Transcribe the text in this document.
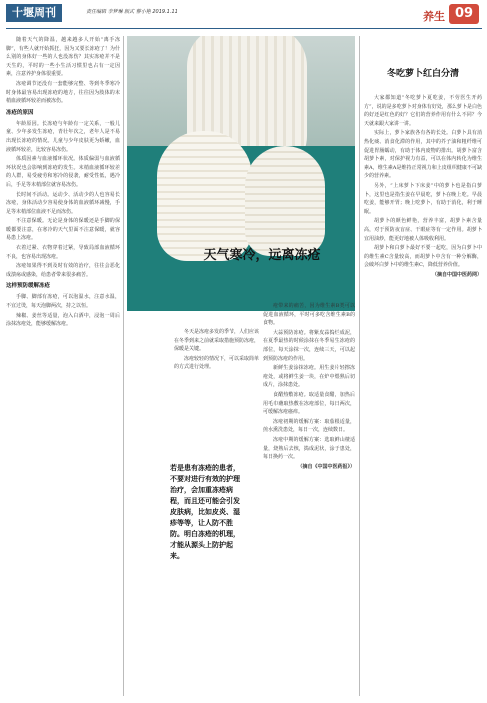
十堰周刊	责任编辑 李梦琳 版式 蔡小艳 2019.1.11	养生 09
天气寒冷，远离冻疮

随着天气的降温，越来越多人开始“离手冻脚”，有些人就开始抓狂，因为又要长冻疮了！为什么别的身体好一些的人也没冻伤？其实冻疮并不是天生的，平时的一些小生活习惯里也占有一定因素，注意养护身体很重要。

冻疮调节还没有一套能够完整、等到冬季寒冷时身体最容易出现冻疮的地方，往往因为肢体的末梢血液循环较差而被冻伤。

冻疮的原因

年龄原因。长冻疮与年龄有一定关系，一般儿童、少年多发生冻疮，青壮年次之，老年人是不易出现长冻疮的情况。儿童与少年皮肤更为娇嫩，血液循环较差，比较容易冻伤。

体质因素与血液循环状况。体质偏弱与血液循环状况也会影响到冻疮的发生。末梢血液循环较差的人群，易受疲劳和寒冷的侵袭，耐受性低，遇冷后，手足等末梢部位就容易冻伤。

长时间不活动。运动少、活动少的人也容易长冻疮，身体活动少容易使身体的血液循环减慢，手足等末梢部位血液不足而冻伤。

不注意保暖。无论是身体的保暖还是手脚的保暖都要注意，在寒冷的天气里面不注意保暖，就容易患上冻疮。

衣着过紧、衣物穿着过紧，导致局部血液循环不良，也容易出现冻疮。

冻疮如果得不到及时有效的治疗，往往会恶化成溃疡或感染，给患者带来很多痛苦。

这样预防缓解冻疮

手脚、脚部有冻疮，可以泡温水，注意水温，不宜过烫，每天泡脚两次，持之以恒。

辣椒、姜丝等适量，泡入白酒中，浸泡一周后涂抹冻疮处，能够缓解冻疮。

冬天是冻疮多发的季节，人们应该在冬季到来之前就采取措施预防冻疮，保暖是关键。

冻疮较轻的情况下，可以采取简单的方式进行处理。

若是患有冻疮的患者，不要对进行有效的护理治疗，会加重冻疮病程，而且还可能会引发皮肤病，比如皮炎、湿疹等等，让人防不胜防。明白冻疮的机理，才能从源头上防护起来。

疮带来的痛苦，因为维生素B类可以促进血液循环，平时可多吃含维生素B的食物。

大蒜预防冻疮。将紫皮蒜捣烂成泥，在夏季最热的时候涂抹在冬季易生冻疮的部位，每天涂抹一次，连续三天，可以起到预防冻疮的作用。

新鲜生姜涂抹冻疮。用生姜片轻擦冻疮处，或将鲜生姜一块，在炉中煨熟后切成片，涂抹患处。

食醋热敷冻疮。取适量食醋，加热后用毛巾蘸取热敷在冻疮部位，每日两次，可缓解冻疮瘙痒。

冻疮初期的缓解方案：取茄根适量，煎水熏洗患处，每日一次，连续数日。

冻疮中期的缓解方案：选取鲜山楂适量，烧熟后去核，捣成泥状，涂于患处，每日换药一次。

（摘自《中国中医药报》）

冬吃萝卜红白分清

大家都知道“冬吃萝卜夏吃姜，不劳医生开药方”，说的是多吃萝卜对身体有好处，那么萝卜是白色的好还是红色的好？它们的营养作用有什么不同？今天就来跟大家讲一讲。

实际上，萝卜家族各有各的长处。白萝卜具有消热化痰、消食化滞的作用，其中的芥子油和粗纤维可促进胃肠蠕动，有助于体内废物的排出。胡萝卜富含胡萝卜素，对保护视力有益，可以在体内转化为维生素A，维生素A是维持正常视力和上皮组织健康不可缺少的营养素。

另外，“上床萝卜下床姜”中的萝卜也是指白萝卜，这里也是指生姜在早晨吃，萝卜在晚上吃。早晨吃姜，能够开胃；晚上吃萝卜，有助于消化，利于睡眠。

胡萝卜的颜色鲜艳，营养丰富，胡萝卜素含量高，对于预防夜盲症、干眼症等有一定作用。胡萝卜宜用油炒，能更好地被人体吸收利用。

胡萝卜和白萝卜最好不要一起吃，因为白萝卜中的维生素C含量较高，而胡萝卜中含有一种分解酶，会破坏白萝卜中的维生素C，降低营养价值。

（摘自中国中医药网）
